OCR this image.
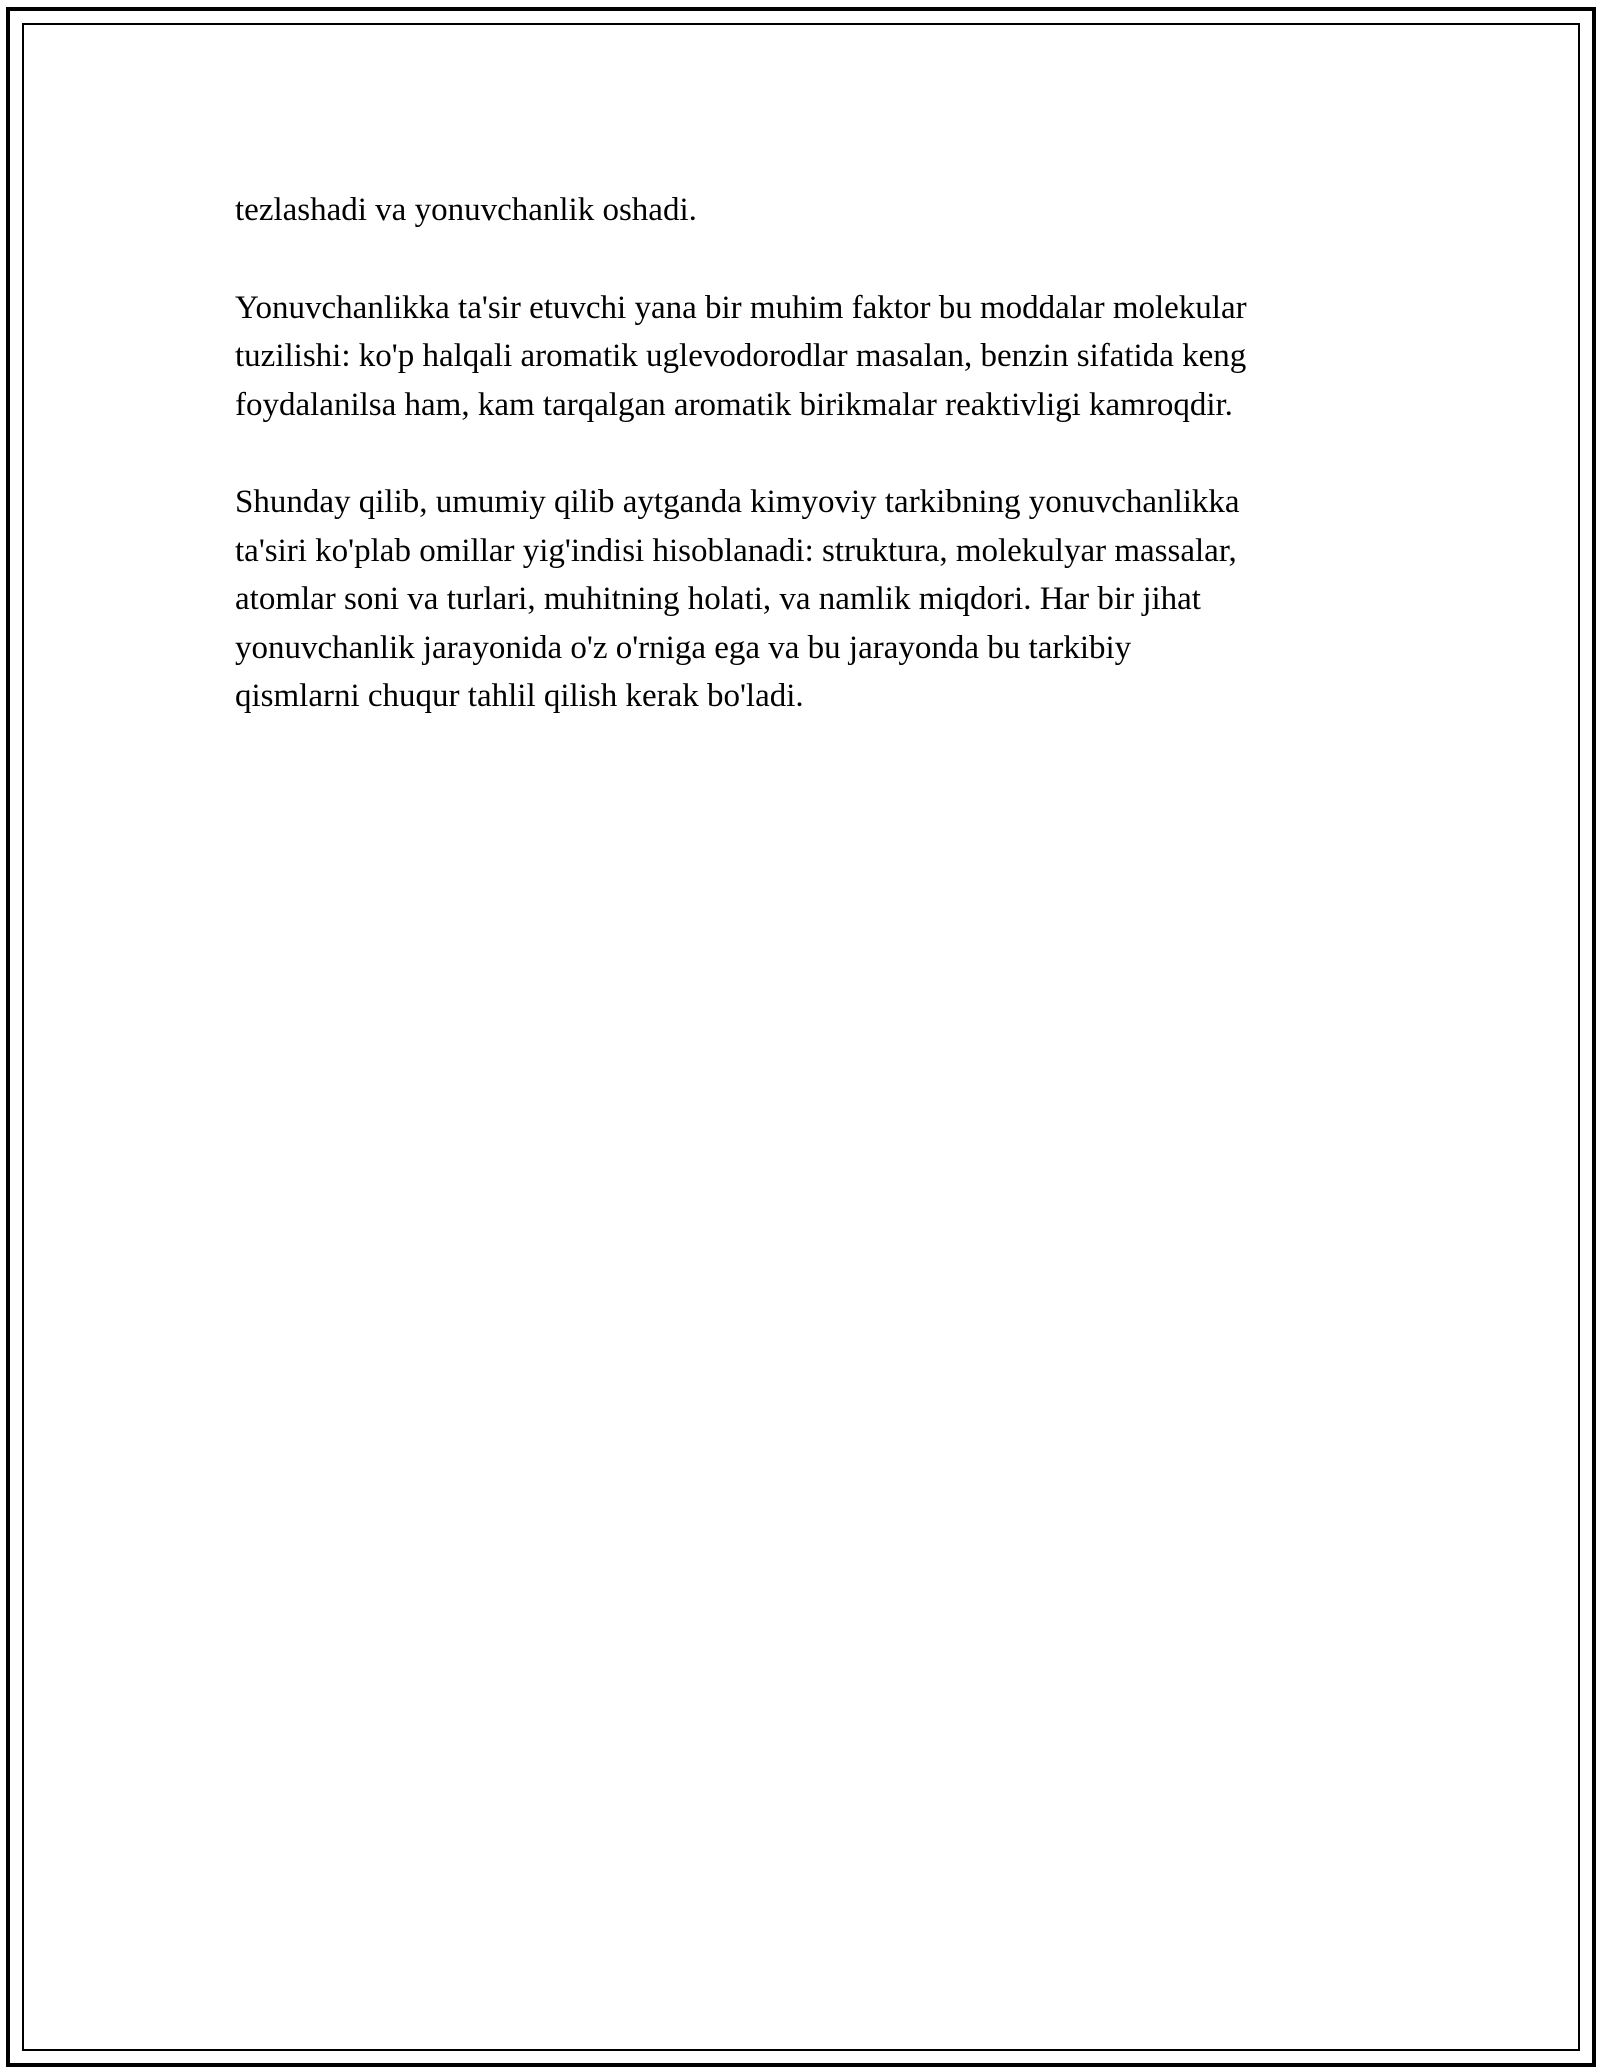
tezlashadi va yonuvchanlik oshadi.

Yonuvchanlikka ta'sir etuvchi yana bir muhim faktor bu moddalar molekular
tuzilishi: ko'p halqali aromatik uglevodorodlar masalan, benzin sifatida keng
foydalanilsa ham, kam tarqalgan aromatik birikmalar reaktivligi kamroqdir.

Shunday qilib, umumiy qilib aytganda kimyoviy tarkibning yonuvchanlikka
ta'siri ko'plab omillar yig'indisi hisoblanadi: struktura, molekulyar massalar,
atomlar soni va turlari, muhitning holati, va namlik miqdori. Har bir jihat
yonuvchanlik jarayonida o'z o'rniga ega va bu jarayonda bu tarkibiy
qismlarni chuqur tahlil qilish kerak bo'ladi.
